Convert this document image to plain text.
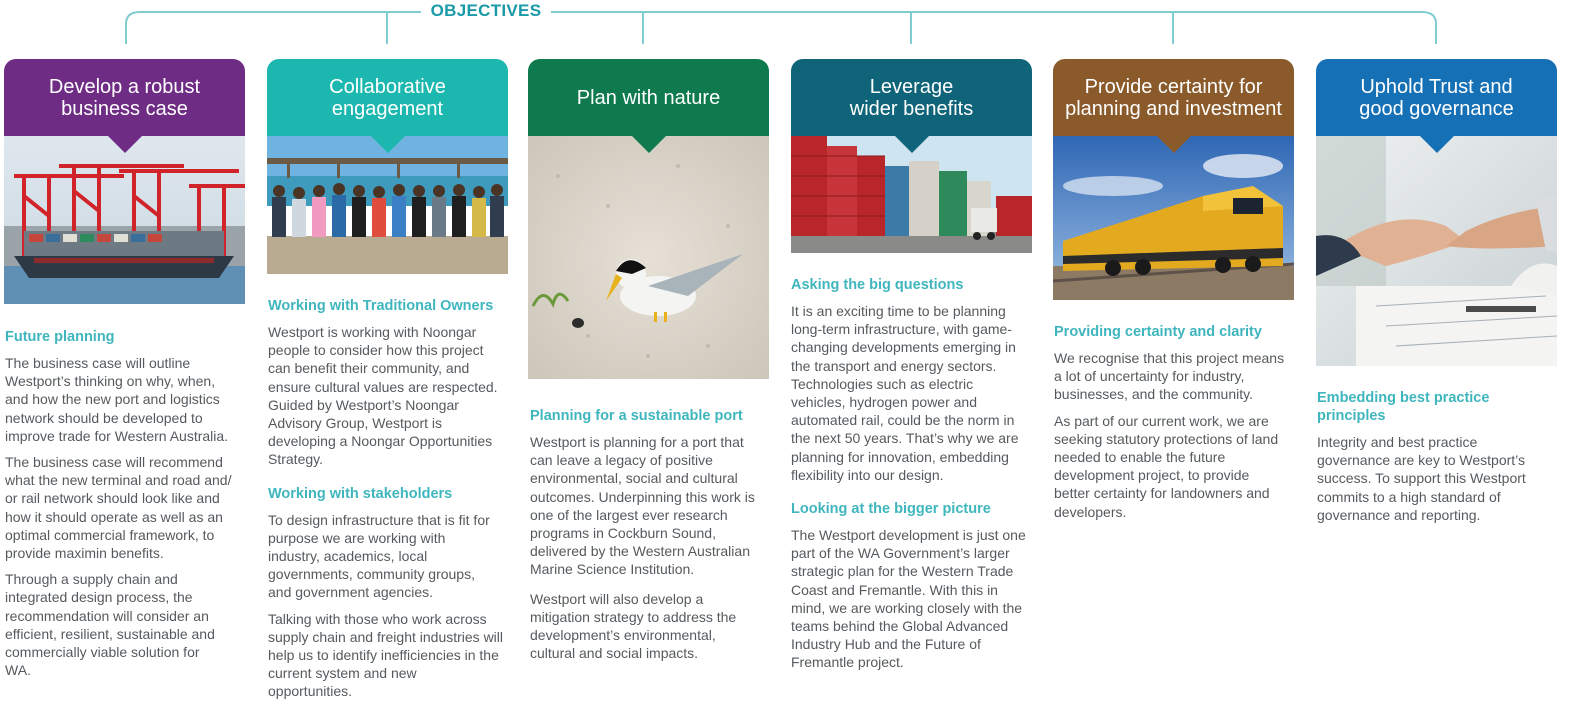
OBJECTIVES
Develop a robust
business case
Future planning

The business case will outline Westport’s thinking on why, when, and how the new port and logistics network should be developed to improve trade for Western Australia.

The business case will recommend what the new terminal and road and/ or rail network should look like and how it should operate as well as an optimal commercial framework, to provide maximin benefits.

Through a supply chain and integrated design process, the recommendation will consider an efficient, resilient, sustainable and commercially viable solution for WA.

Collaborative
engagement
Working with Traditional Owners

Westport is working with Noongar people to consider how this project can benefit their community, and ensure cultural values are respected. Guided by Westport’s Noongar Advisory Group, Westport is developing a Noongar Opportunities Strategy.

Working with stakeholders

To design infrastructure that is fit for purpose we are working with industry, academics, local governments, community groups, and government agencies.

Talking with those who work across supply chain and freight industries will help us to identify inefficiencies in the current system and new opportunities.

Plan with nature
Planning for a sustainable port

Westport is planning for a port that can leave a legacy of positive environmental, social and cultural outcomes. Underpinning this work is one of the largest ever research programs in Cockburn Sound, delivered by the Western Australian Marine Science Institution.

Westport will also develop a mitigation strategy to address the development’s environmental, cultural and social impacts.

Leverage
wider benefits
Asking the big questions

It is an exciting time to be planning long-term infrastructure, with game-changing developments emerging in the transport and energy sectors. Technologies such as electric vehicles, hydrogen power and automated rail, could be the norm in the next 50 years. That’s why we are planning for innovation, embedding flexibility into our design.

Looking at the bigger picture

The Westport development is just one part of the WA Government’s larger strategic plan for the Western Trade Coast and Fremantle. With this in mind, we are working closely with the teams behind the Global Advanced Industry Hub and the Future of Fremantle project.

Provide certainty for
planning and investment
Providing certainty and clarity

We recognise that this project means a lot of uncertainty for industry, businesses, and the community.

As part of our current work, we are seeking statutory protections of land needed to enable the future development project, to provide better certainty for landowners and developers.

Uphold Trust and
good governance
Embedding best practice principles

Integrity and best practice governance are key to Westport’s success. To support this Westport commits to a high standard of governance and reporting.
